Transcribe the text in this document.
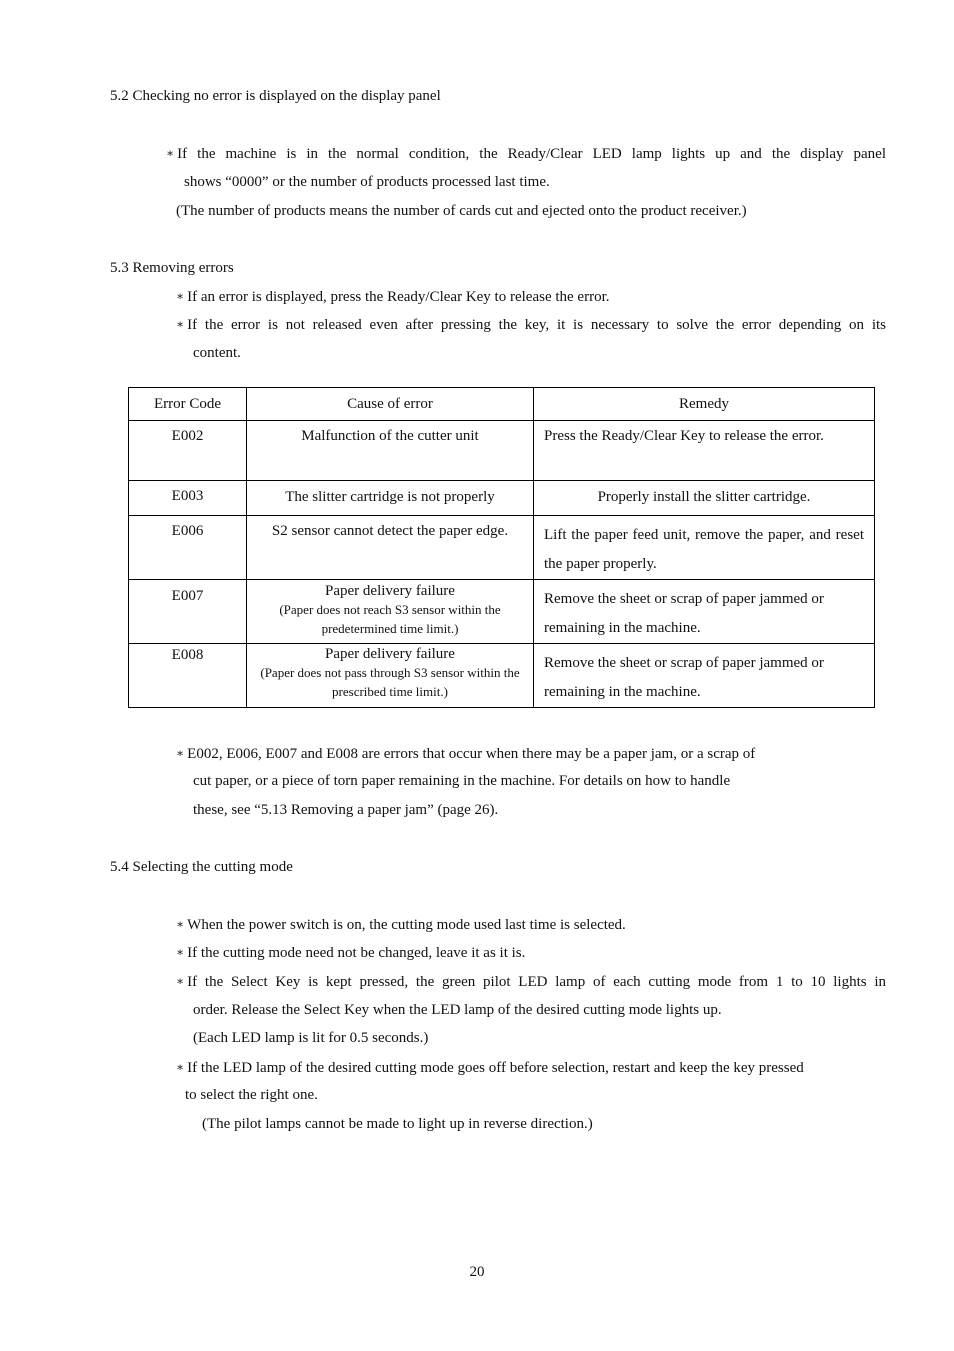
5.2 Checking no error is displayed on the display panel
∗ If the machine is in the normal condition, the Ready/Clear LED lamp lights up and the display panel
shows “0000” or the number of products processed last time.
(The number of products means the number of cards cut and ejected onto the product receiver.)
5.3 Removing errors
∗ If an error is displayed, press the Ready/Clear Key to release the error.
∗ If the error is not released even after pressing the key, it is necessary to solve the error depending on its
content.
Error Code	Cause of error	Remedy
E002	Malfunction of the cutter unit	Press the Ready/Clear Key to release the error.
E003	The slitter cartridge is not properly	Properly install the slitter cartridge.
E006	S2 sensor cannot detect the paper edge.	Lift the paper feed unit, remove the paper, and reset the paper properly.
E007	Paper delivery failure
(Paper does not reach S3 sensor within the predetermined time limit.)	Remove the sheet or scrap of paper jammed or remaining in the machine.
E008	Paper delivery failure
(Paper does not pass through S3 sensor within the prescribed time limit.)	Remove the sheet or scrap of paper jammed or remaining in the machine.
∗ E002, E006, E007 and E008 are errors that occur when there may be a paper jam, or a scrap of
cut paper, or a piece of torn paper remaining in the machine. For details on how to handle
these, see “5.13 Removing a paper jam” (page 26).
5.4 Selecting the cutting mode
∗ When the power switch is on, the cutting mode used last time is selected.
∗ If the cutting mode need not be changed, leave it as it is.
∗ If the Select Key is kept pressed, the green pilot LED lamp of each cutting mode from 1 to 10 lights in
order. Release the Select Key when the LED lamp of the desired cutting mode lights up.
(Each LED lamp is lit for 0.5 seconds.)
∗ If the LED lamp of the desired cutting mode goes off before selection, restart and keep the key pressed
to select the right one.
(The pilot lamps cannot be made to light up in reverse direction.)
20
